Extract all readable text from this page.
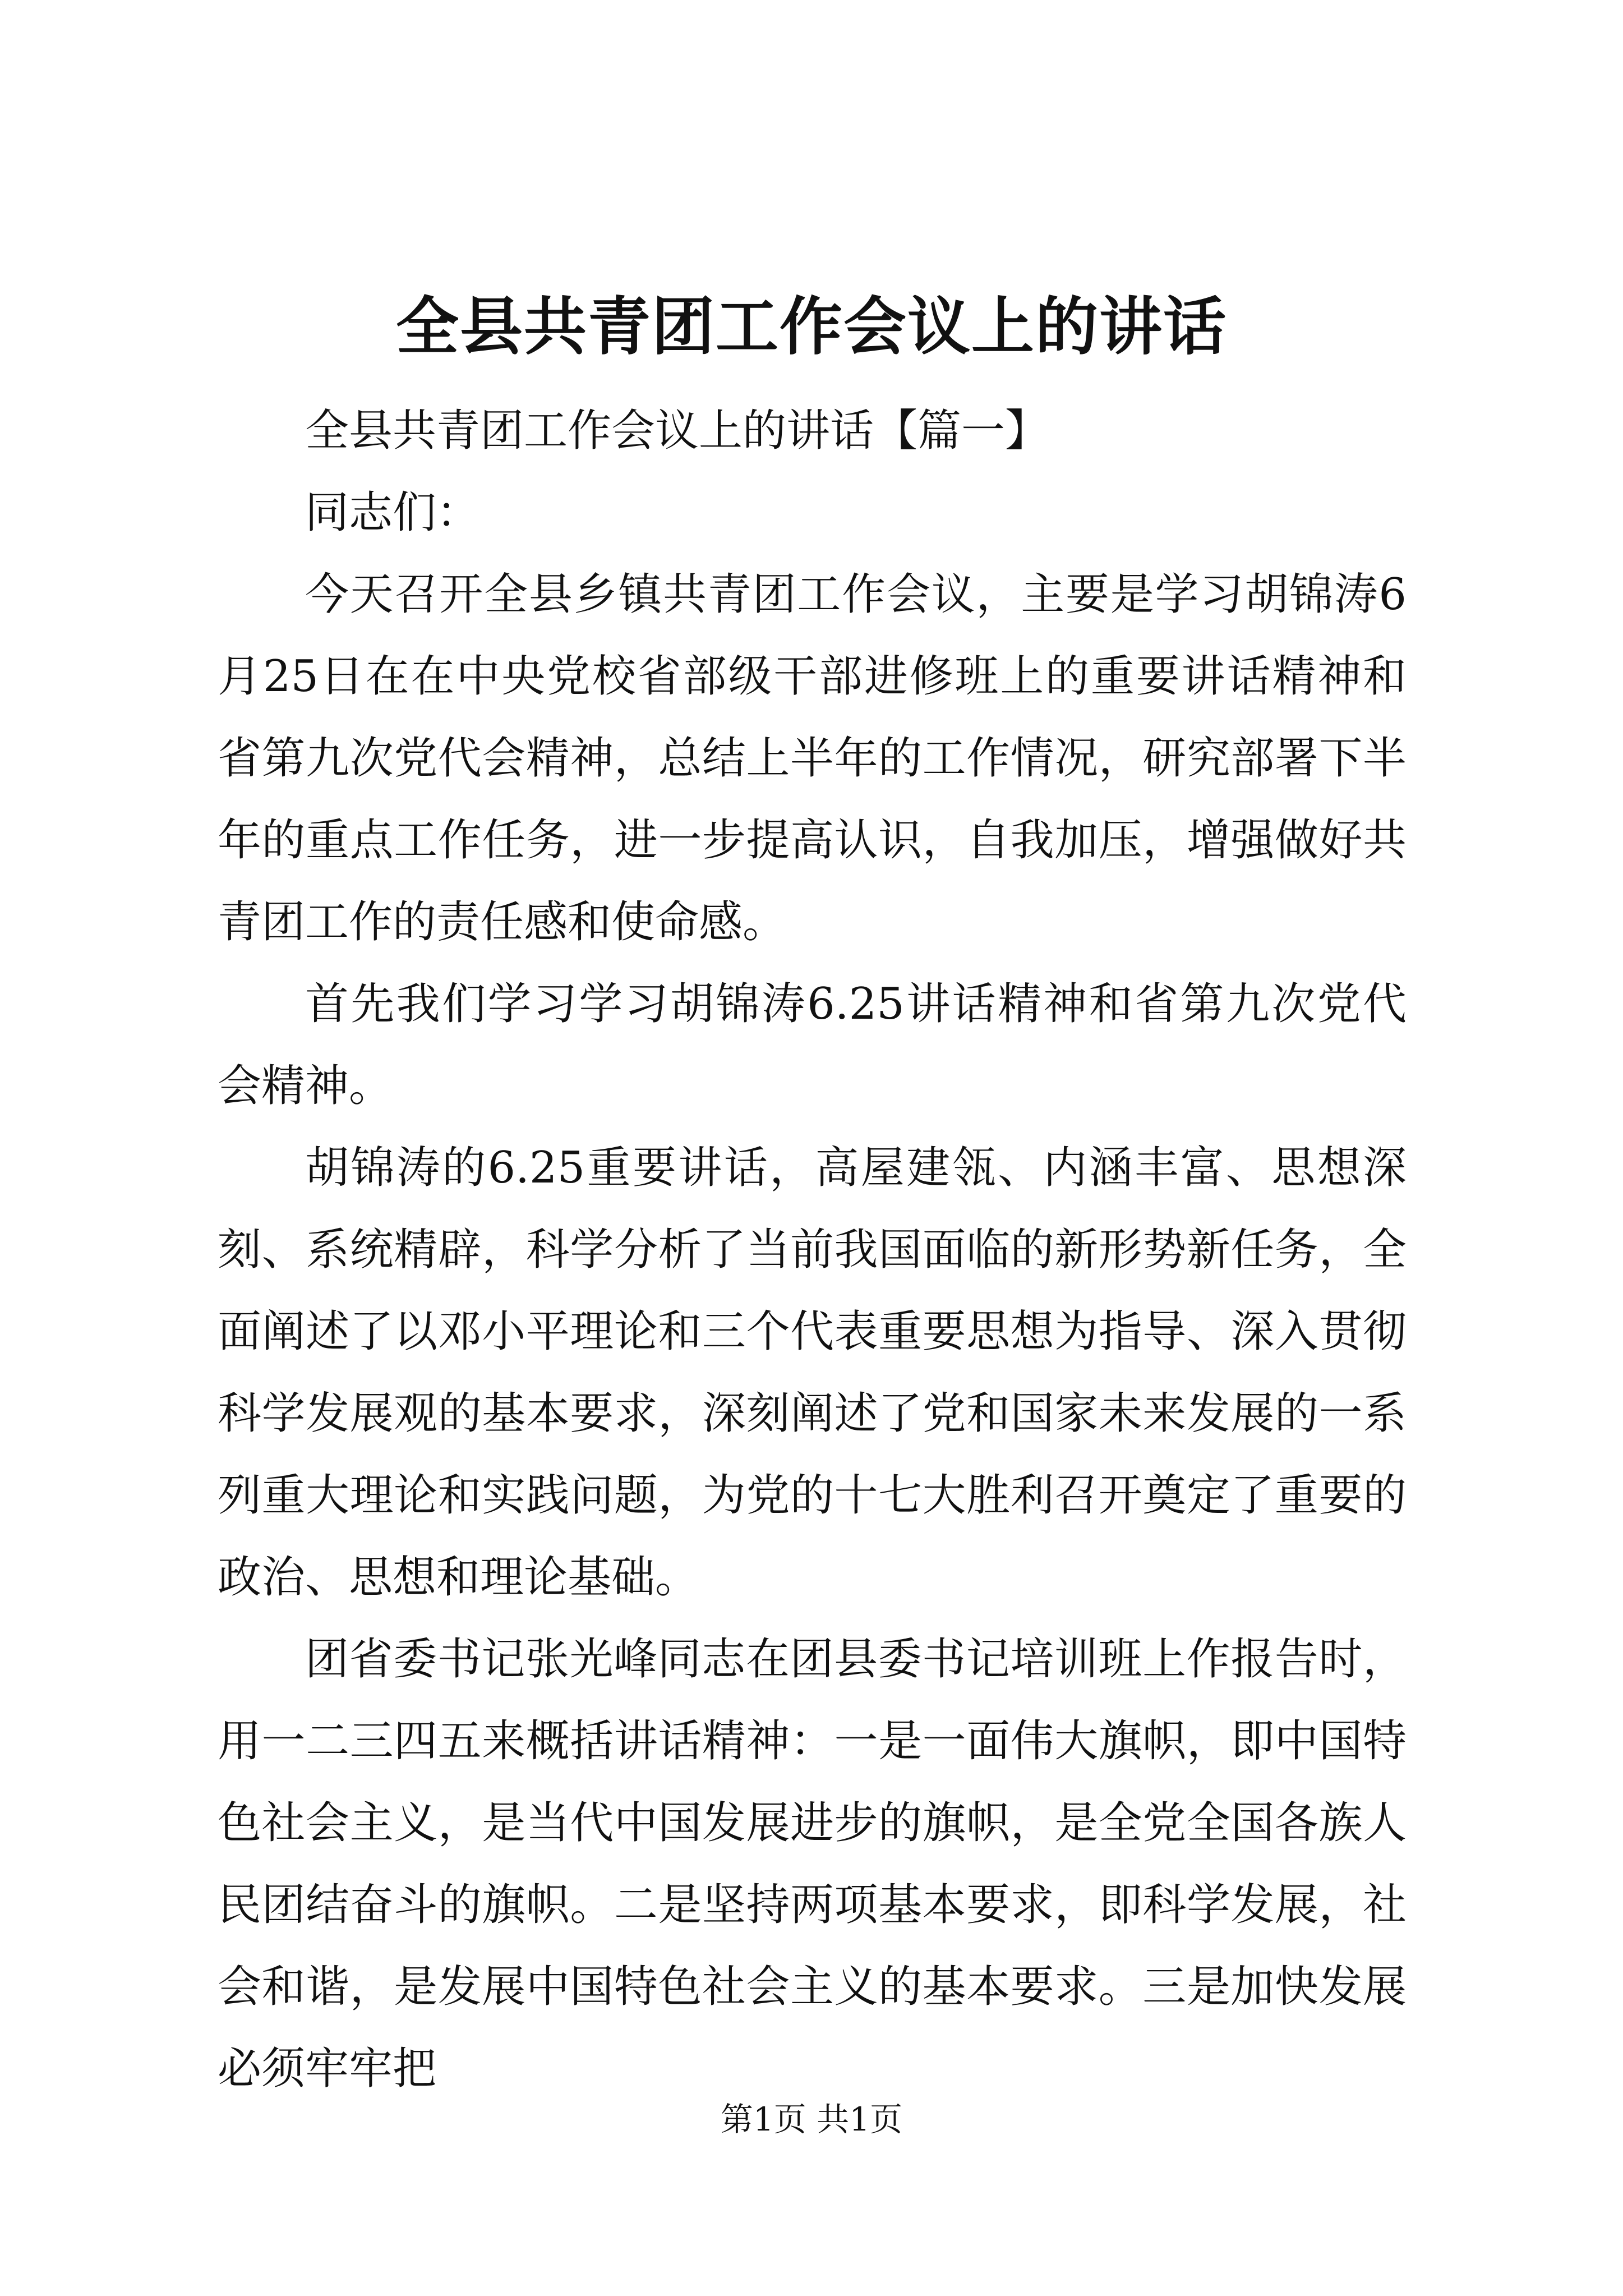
全县共青团工作会议上的讲话

全县共青团工作会议上的讲话【篇一】

同志们：

今天召开全县乡镇共青团工作会议，主要是学习胡锦涛6月25日在在中央党校省部级干部进修班上的重要讲话精神和省第九次党代会精神，总结上半年的工作情况，研究部署下半年的重点工作任务，进一步提高认识，自我加压，增强做好共青团工作的责任感和使命感。

首先我们学习学习胡锦涛6.25讲话精神和省第九次党代会精神。

胡锦涛的6.25重要讲话，高屋建瓴、内涵丰富、思想深刻、系统精辟，科学分析了当前我国面临的新形势新任务，全面阐述了以邓小平理论和三个代表重要思想为指导、深入贯彻科学发展观的基本要求，深刻阐述了党和国家未来发展的一系列重大理论和实践问题，为党的十七大胜利召开奠定了重要的政治、思想和理论基础。

团省委书记张光峰同志在团县委书记培训班上作报告时，用一二三四五来概括讲话精神：一是一面伟大旗帜，即中国特色社会主义，是当代中国发展进步的旗帜，是全党全国各族人民团结奋斗的旗帜。二是坚持两项基本要求，即科学发展，社会和谐，是发展中国特色社会主义的基本要求。三是加快发展必须牢牢把

第1页 共1页
